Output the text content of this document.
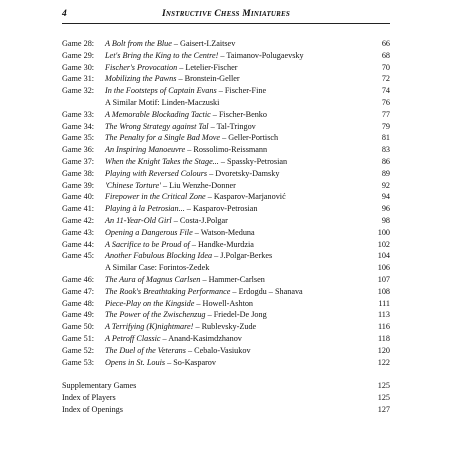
4	Instructive Chess Miniatures
Game 28: A Bolt from the Blue – Gaisert-I.Zaitsev	66
Game 29: Let's Bring the King to the Centre! – Taimanov-Polugaevsky	68
Game 30: Fischer's Provocation – Letelier-Fischer	70
Game 31: Mobilizing the Pawns – Bronstein-Geller	72
Game 32: In the Footsteps of Captain Evans – Fischer-Fine	74
A Similar Motif: Linden-Maczuski	76
Game 33: A Memorable Blockading Tactic – Fischer-Benko	77
Game 34: The Wrong Strategy against Tal – Tal-Tringov	79
Game 35: The Penalty for a Single Bad Move – Geller-Portisch	81
Game 36: An Inspiring Manoeuvre – Rossolimo-Reissmann	83
Game 37: When the Knight Takes the Stage... – Spassky-Petrosian	86
Game 38: Playing with Reversed Colours – Dvoretsky-Damsky	89
Game 39: 'Chinese Torture' – Liu Wenzhe-Donner	92
Game 40: Firepower in the Critical Zone – Kasparov-Marjanović	94
Game 41: Playing à la Petrosian... – Kasparov-Petrosian	96
Game 42: An 11-Year-Old Girl – Costa-J.Polgar	98
Game 43: Opening a Dangerous File – Watson-Meduna	100
Game 44: A Sacrifice to be Proud of – Handke-Murdzia	102
Game 45: Another Fabulous Blocking Idea – J.Polgar-Berkes	104
A Similar Case: Forintos-Zedek	106
Game 46: The Aura of Magnus Carlsen – Hammer-Carlsen	107
Game 47: The Rook's Breathtaking Performance – Erdogdu – Shanava	108
Game 48: Piece-Play on the Kingside – Howell-Ashton	111
Game 49: The Power of the Zwischenzug – Friedel-De Jong	113
Game 50: A Terrifying (K)nightmare! – Rublevsky-Zude	116
Game 51: A Petroff Classic – Anand-Kasimdzhanov	118
Game 52: The Duel of the Veterans – Cebalo-Vasiukov	120
Game 53: Opens in St. Louis – So-Kasparov	122
Supplementary Games	125
Index of Players	125
Index of Openings	127
